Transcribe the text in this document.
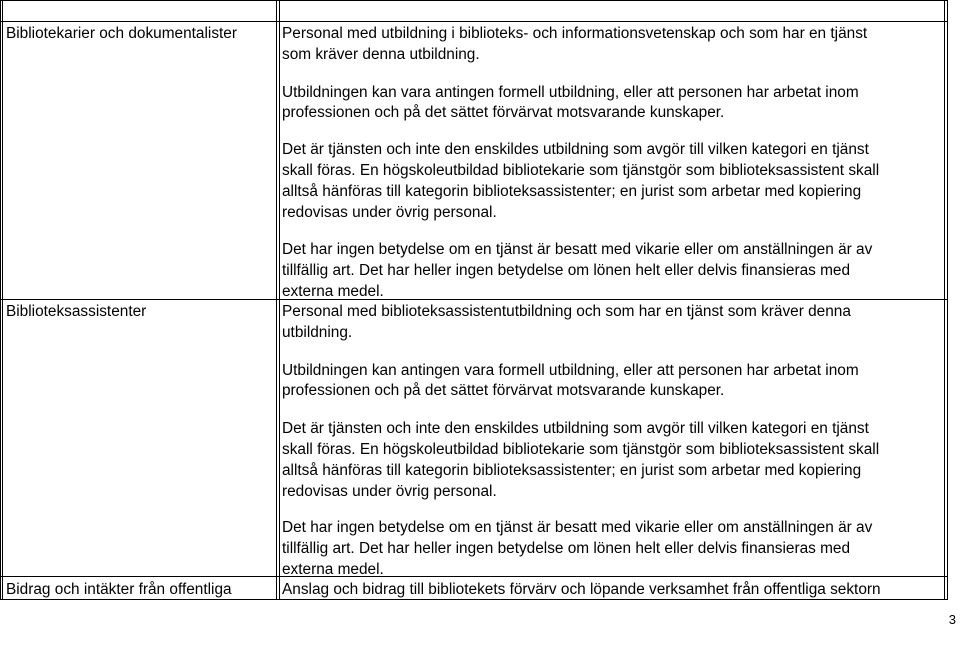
Bibliotekarier och dokumentalister	Personal med utbildning i biblioteks- och informationsvetenskap och som har en tjänst
som kräver denna utbildning.
Utbildningen kan vara antingen formell utbildning, eller att personen har arbetat inom
professionen och på det sättet förvärvat motsvarande kunskaper.
Det är tjänsten och inte den enskildes utbildning som avgör till vilken kategori en tjänst
skall föras. En högskoleutbildad bibliotekarie som tjänstgör som biblioteksassistent skall
alltså hänföras till kategorin biblioteksassistenter; en jurist som arbetar med kopiering
redovisas under övrig personal.
Det har ingen betydelse om en tjänst är besatt med vikarie eller om anställningen är av
tillfällig art. Det har heller ingen betydelse om lönen helt eller delvis finansieras med
externa medel.
Biblioteksassistenter	Personal med biblioteksassistentutbildning och som har en tjänst som kräver denna
utbildning.
Utbildningen kan antingen vara formell utbildning, eller att personen har arbetat inom
professionen och på det sättet förvärvat motsvarande kunskaper.
Det är tjänsten och inte den enskildes utbildning som avgör till vilken kategori en tjänst
skall föras. En högskoleutbildad bibliotekarie som tjänstgör som biblioteksassistent skall
alltså hänföras till kategorin biblioteksassistenter; en jurist som arbetar med kopiering
redovisas under övrig personal.
Det har ingen betydelse om en tjänst är besatt med vikarie eller om anställningen är av
tillfällig art. Det har heller ingen betydelse om lönen helt eller delvis finansieras med
externa medel.
Bidrag och intäkter från offentliga	Anslag och bidrag till bibliotekets förvärv och löpande verksamhet från offentliga sektorn
3
